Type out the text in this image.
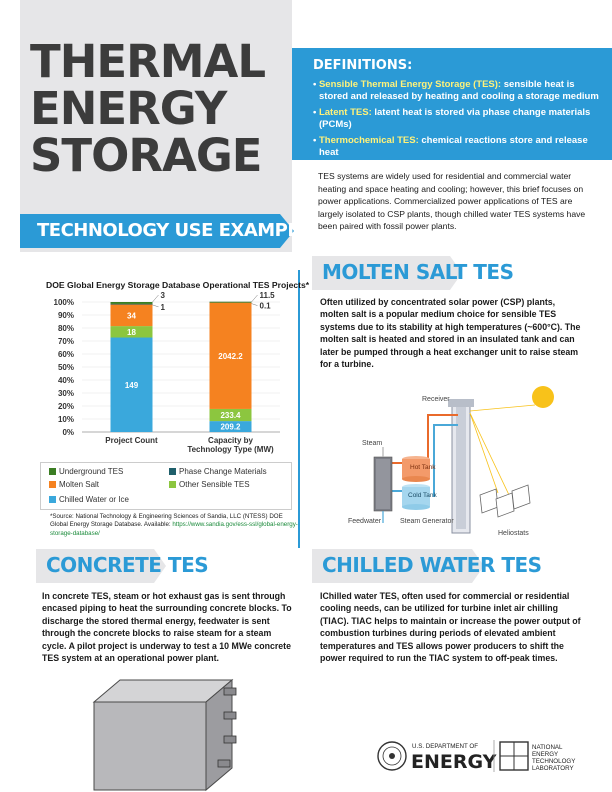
THERMAL
ENERGY
STORAGE
TECHNOLOGY USE EXAMPLES
DEFINITIONS:
• Sensible Thermal Energy Storage (TES): sensible heat is stored and released by heating and cooling a storage medium
• Latent TES: latent heat is stored via phase change materials (PCMs)
• Thermochemical TES: chemical reactions store and release heat
TES systems are widely used for residential and commercial water heating and space heating and cooling; however, this brief focuses on power applications. Commercialized power applications of TES are largely isolated to CSP plants, though chilled water TES systems have been paired with fossil power plants.
DOE Global Energy Storage Database Operational TES Projects*
0%
10%
20%
30%
40%
50%
60%
70%
80%
90%
100%
149
18
34
1
3
Project Count
209.2
233.4
2042.2
0.1
11.5
Capacity by
Technology Type (MW)
Underground TES	Phase Change Materials
Molten Salt	Other Sensible TES
Chilled Water or Ice
*Source: National Technology & Engineering Sciences of Sandia, LLC (NTESS) DOE Global Energy Storage Database. Available: https://www.sandia.gov/ess-ssl/global-energy-storage-database/
MOLTEN SALT TES
Often utilized by concentrated solar power (CSP) plants, molten salt is a popular medium choice for sensible TES systems due to its stability at high temperatures (~600°C). The molten salt is heated and stored in an insulated tank and can later be pumped through a heat exchanger unit to raise steam for a turbine.
Receiver
Steam
Hot Tank
Cold Tank
Feedwater	Steam Generator
Heliostats
CONCRETE TES
In concrete TES, steam or hot exhaust gas is sent through encased piping to heat the surrounding concrete blocks. To discharge the stored thermal energy, feedwater is sent through the concrete blocks to raise steam for a steam cycle. A pilot project is underway to test a 10 MWe concrete TES system at an operational power plant.
CHILLED WATER TES
IChilled water TES, often used for commercial or residential cooling needs, can be utilized for turbine inlet air chilling (TIAC). TIAC helps to maintain or increase the power output of combustion turbines during periods of elevated ambient temperatures and TES allows power producers to shift the power required to run the TIAC system to off-peak times.
U.S. DEPARTMENT OF
ENERGY
NATIONAL
ENERGY
TECHNOLOGY
LABORATORY
